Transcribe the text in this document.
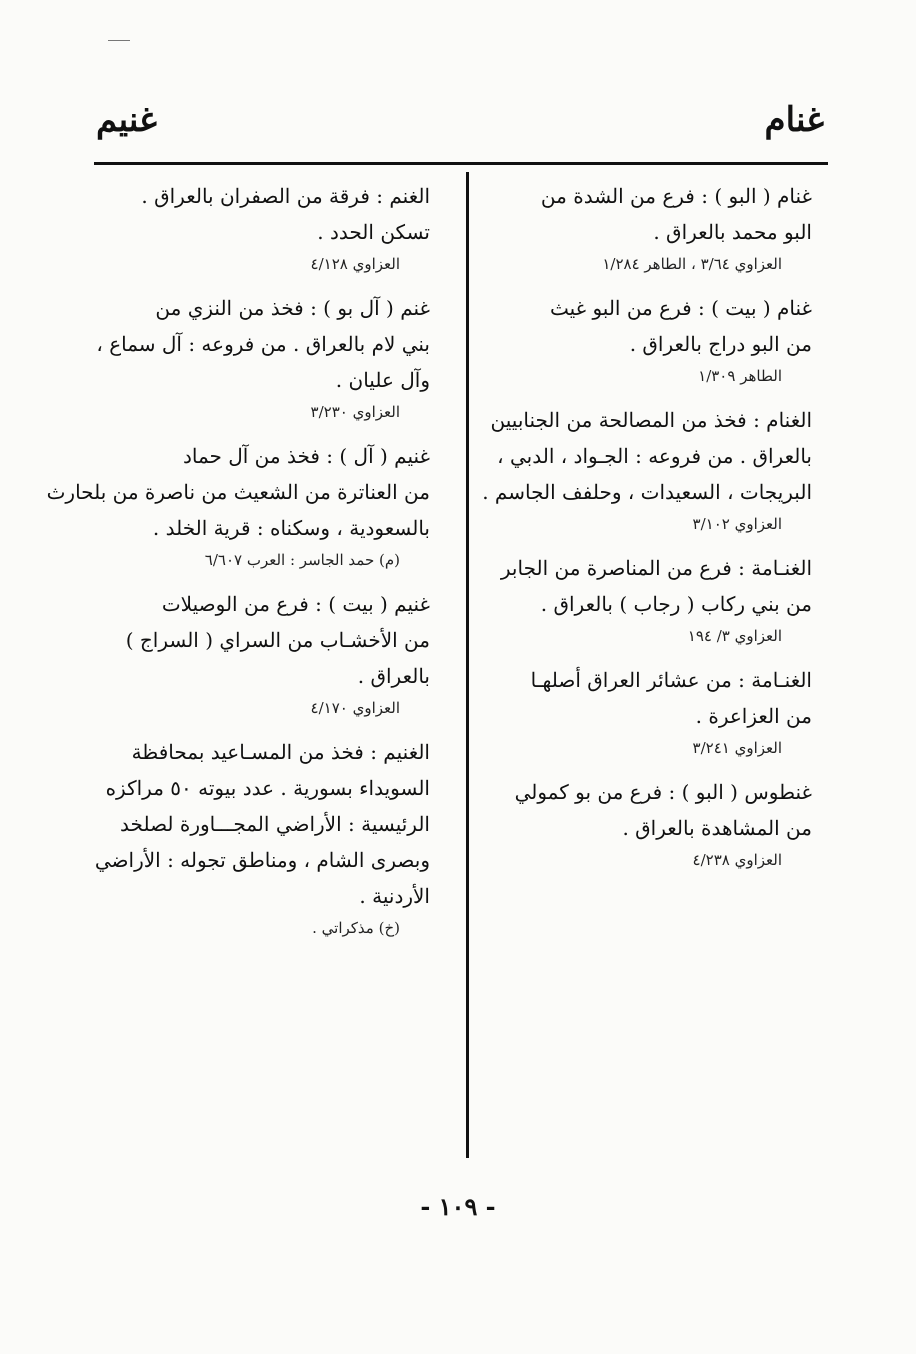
غنام
غنيم
غنام ( البو ) : فرع من الشدة من
البو محمد بالعراق .
العزاوي ٣/٦٤ ، الطاهر ١/٢٨٤
غنام ( بيت ) : فرع من البو غيث
من البو دراج بالعراق .
الطاهر ١/٣٠٩
الغنام : فخذ من المصالحة من الجنابيين
بالعراق . من فروعه : الجـواد ، الدبي ،
البريجات ، السعيدات ، وحلفف الجاسم .
العزاوي ٣/١٠٢
الغنـامة : فرع من المناصرة من الجابر
من بني ركاب ( رجاب ) بالعراق .
العزاوي ٣/ ١٩٤
الغنـامة : من عشائر العراق أصلهـا
من العزاعرة .
العزاوي ٣/٢٤١
غنطوس ( البو ) : فرع من بو كمولي
من المشاهدة بالعراق .
العزاوي ٤/٢٣٨
الغنم : فرقة من الصفران بالعراق .
تسكن الحدد .
العزاوي ٤/١٢٨
غنم ( آل بو ) : فخذ من النزي من
بني لام بالعراق . من فروعه : آل سماع ،
وآل عليان .
العزاوي ٣/٢٣٠
غنيم ( آل ) : فخذ من آل حماد
من العناترة من الشعيث من ناصرة من بلحارث
بالسعودية ، وسكناه : قرية الخلد .
(م) حمد الجاسر : العرب ٦/٦٠٧
غنيم ( بيت ) : فرع من الوصيلات
من الأخشـاب من السراي ( السراج )
بالعراق .
العزاوي ٤/١٧٠
الغنيم : فخذ من المسـاعيد بمحافظة
السويداء بسورية . عدد بيوته ٥٠ مراكزه
الرئيسية : الأراضي المجـــاورة لصلخد
وبصرى الشام ، ومناطق تجوله : الأراضي
الأردنية .
(خ) مذكراتي .
- ١٠٩ -
